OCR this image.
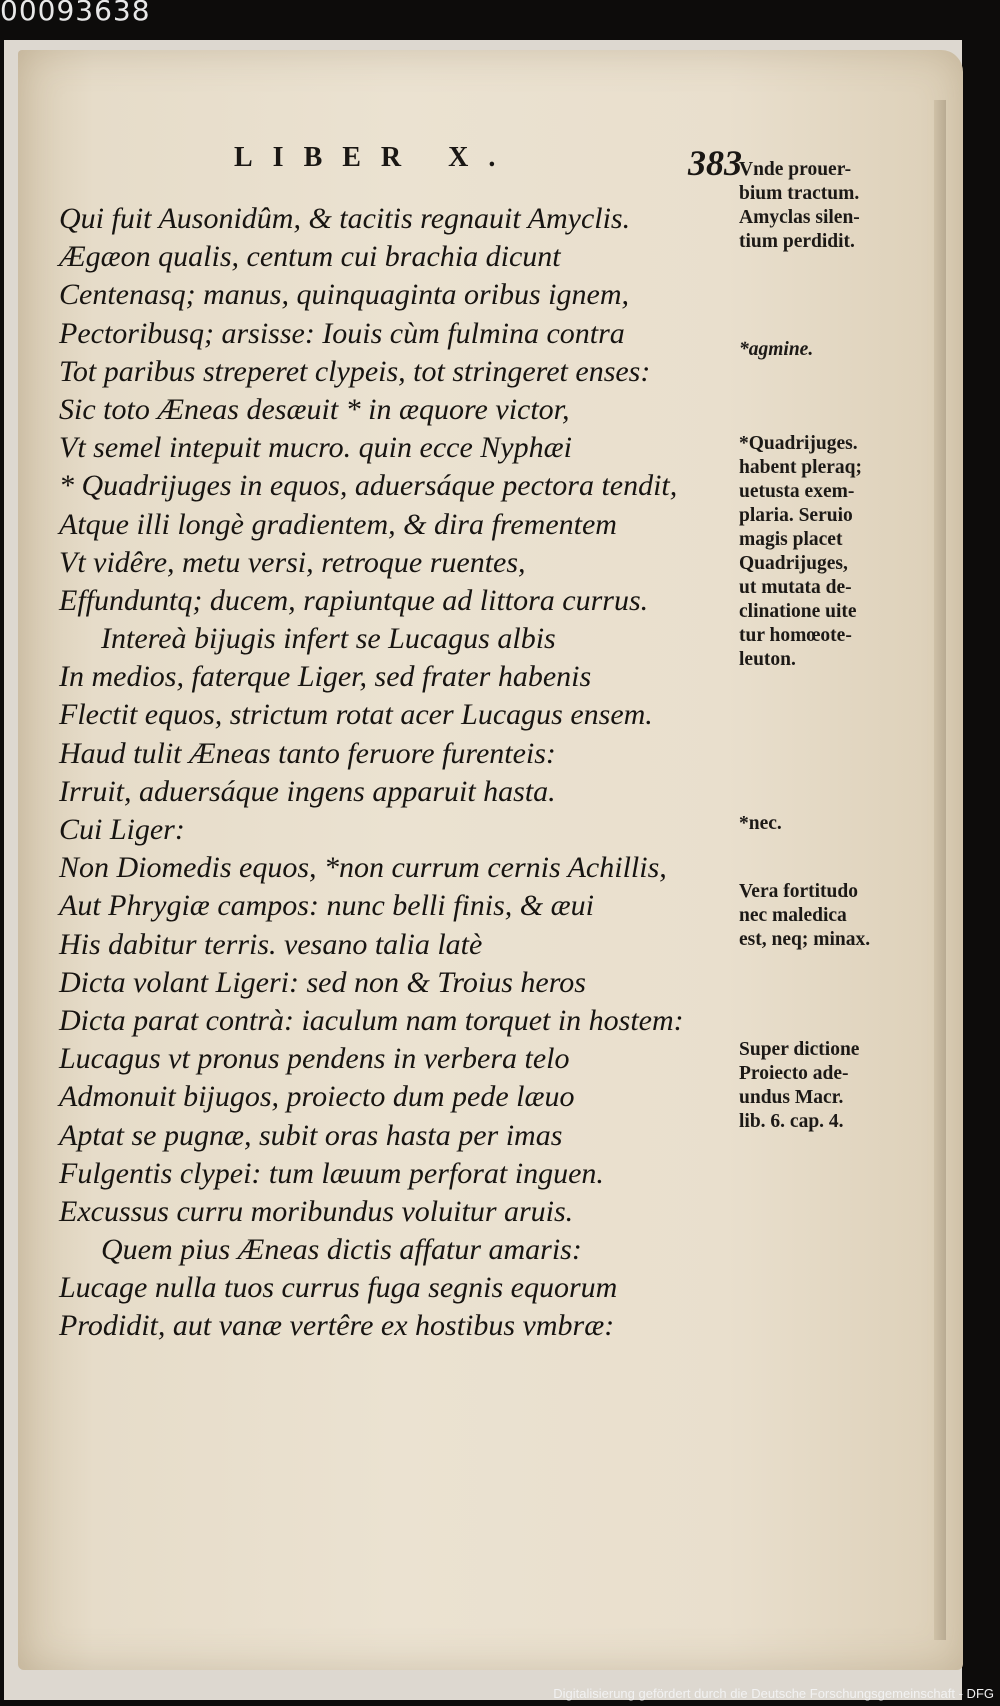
00093638
LIBER X.	383
Qui fuit Ausonidûm, & tacitis regnauit Amyclis.
Ægæon qualis, centum cui brachia dicunt
Centenasq; manus, quinquaginta oribus ignem,
Pectoribusq; arsisse: Iouis cùm fulmina contra
Tot paribus streperet clypeis, tot stringeret enses:
Sic toto Æneas desæuit * in æquore victor,
Vt semel intepuit mucro. quin ecce Nyphæi
* Quadrijuges in equos, aduersáque pectora tendit,
Atque illi longè gradientem, & dira frementem
Vt vidêre, metu versi, retroque ruentes,
Effunduntq; ducem, rapiuntque ad littora currus.
Intereà bijugis infert se Lucagus albis
In medios, faterque Liger, sed frater habenis
Flectit equos, strictum rotat acer Lucagus ensem.
Haud tulit Æneas tanto feruore furenteis:
Irruit, aduersáque ingens apparuit hasta.
Cui Liger:
Non Diomedis equos, *non currum cernis Achillis,
Aut Phrygiæ campos: nunc belli finis, & æui
His dabitur terris. vesano talia latè
Dicta volant Ligeri: sed non & Troius heros
Dicta parat contrà: iaculum nam torquet in hostem:
Lucagus vt pronus pendens in verbera telo
Admonuit bijugos, proiecto dum pede læuo
Aptat se pugnæ, subit oras hasta per imas
Fulgentis clypei: tum læuum perforat inguen.
Excussus curru moribundus voluitur aruis.
Quem pius Æneas dictis affatur amaris:
Lucage nulla tuos currus fuga segnis equorum
Prodidit, aut vanæ vertêre ex hostibus vmbræ:
Vnde prouer-
bium tractum.
Amyclas silen-
tium perdidit.
*agmine.
*Quadrijuges.
habent pleraq;
uetusta exem-
plaria. Seruio
magis placet
Quadrijuges,
ut mutata de-
clinatione uite
tur homœote-
leuton.
*nec.
Vera fortitudo
nec maledica
est, neq; minax.
Super dictione
Proiecto ade-
undus Macr.
lib. 6. cap. 4.
Digitalisierung gefördert durch die Deutsche Forschungsgemeinschaft - DFG
